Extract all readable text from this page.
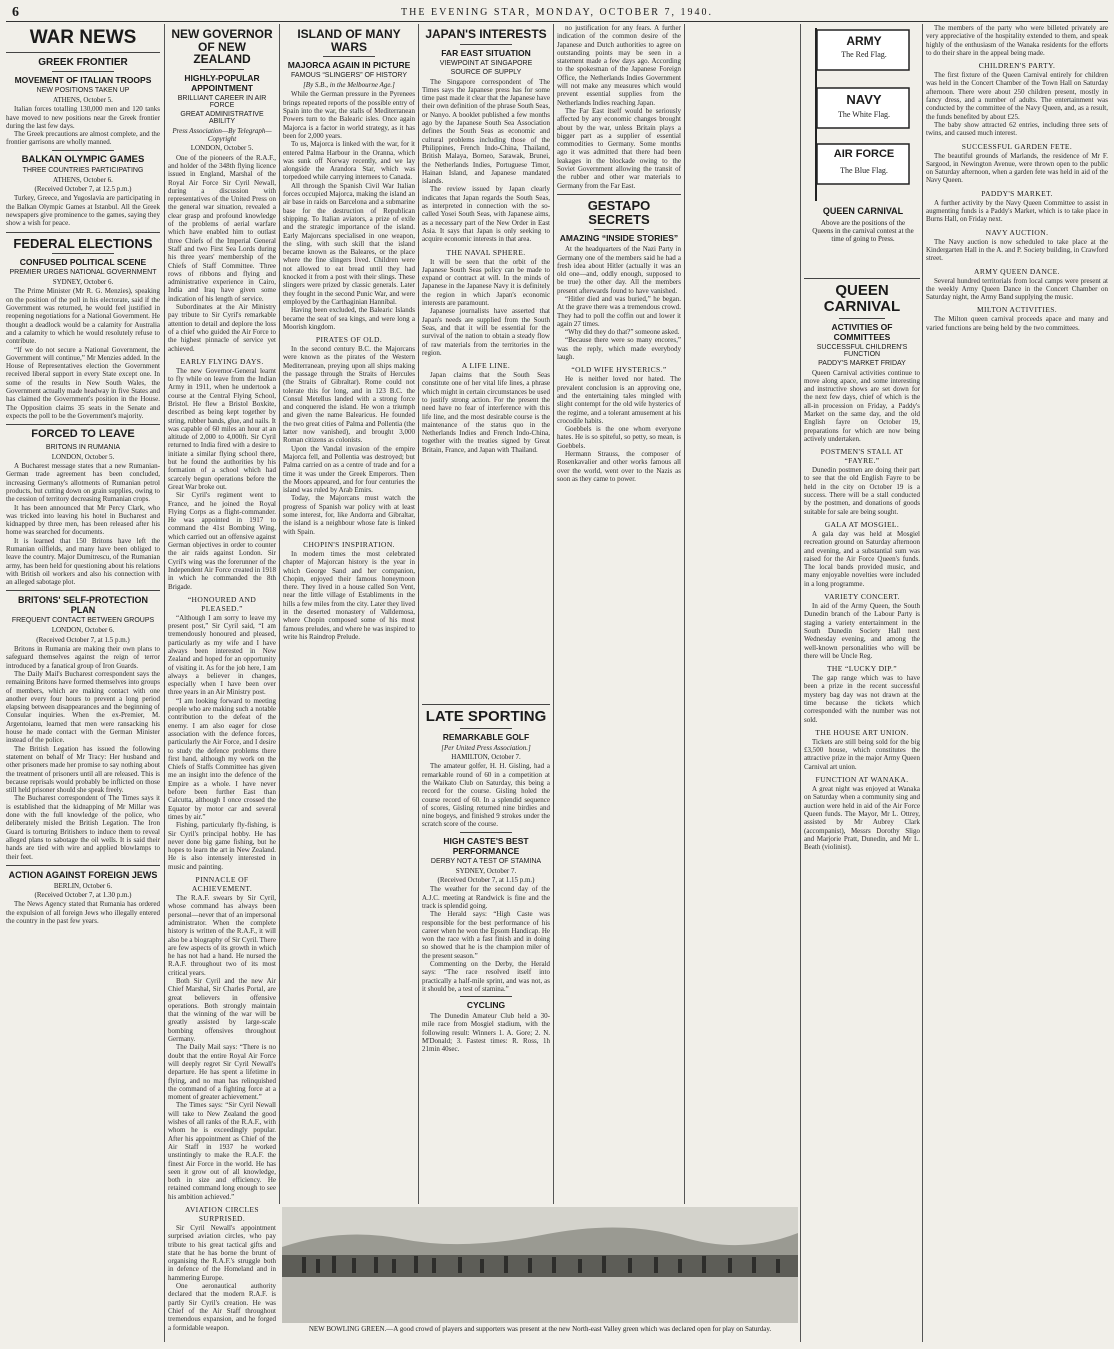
6	THE EVENING STAR, MONDAY, OCTOBER 7, 1940.
WAR NEWS
GREEK FRONTIER
MOVEMENT OF ITALIAN TROOPS
NEW POSITIONS TAKEN UP
ATHENS, October 5.

Italian forces totalling 130,000 men and 120 tanks have moved to new positions near the Greek frontier during the last few days.

The Greek precautions are almost complete, and the frontier garrisons are wholly manned.

BALKAN OLYMPIC GAMES
THREE COUNTRIES PARTICIPATING
ATHENS, October 6.
(Received October 7, at 12.5 p.m.)

Turkey, Greece, and Yugoslavia are participating in the Balkan Olympic Games at Istanbul. All the Greek newspapers give prominence to the games, saying they show a wish for peace.

FEDERAL ELECTIONS
CONFUSED POLITICAL SCENE
PREMIER URGES NATIONAL GOVERNMENT
SYDNEY, October 6.

The Prime Minister (Mr R. G. Menzies), speaking on the position of the poll in his electorate, said if the Government was returned, he would feel justified in reopening negotiations for a National Government. He thought a deadlock would be a calamity for Australia and a calamity to which he would resolutely refuse to contribute.

“If we do not secure a National Government, the Government will continue,” Mr Menzies added. In the House of Representatives election the Government received liberal support in every State except one. In some of the results in New South Wales, the Government actually made headway in five States and has claimed the Government's position in the House. The Opposition claims 35 seats in the Senate and expects the poll to be the Government's majority.

FORCED TO LEAVE
BRITONS IN RUMANIA
LONDON, October 5.

A Bucharest message states that a new Rumanian-German trade agreement has been concluded, increasing Germany's allotments of Rumanian petrol products, but cutting down on grain supplies, owing to the cession of territory decreasing Rumanian crops.

It has been announced that Mr Percy Clark, who was tricked into leaving his hotel in Bucharest and kidnapped by three men, has been released after his home was searched for documents.

It is learned that 150 Britons have left the Rumanian oilfields, and many have been obliged to leave the country. Major Dumitrescu, of the Rumanian army, has been held for questioning about his relations with British oil workers and also his connection with an alleged sabotage plot.

BRITONS' SELF-PROTECTION PLAN
FREQUENT CONTACT BETWEEN GROUPS
LONDON, October 6.
(Received October 7, at 1.5 p.m.)

Britons in Rumania are making their own plans to safeguard themselves against the reign of terror introduced by a fanatical group of Iron Guards.

The Daily Mail's Bucharest correspondent says the remaining Britons have formed themselves into groups of members, which are making contact with one another every four hours to prevent a long period elapsing between disappearances and the beginning of Consular inquiries. When the ex-Premier, M. Argentoianu, learned that men were ransacking his house he made contact with the German Minister instead of the police.

The British Legation has issued the following statement on behalf of Mr Tracy: Her husband and other prisoners made her promise to say nothing about the treatment of prisoners until all are released. This is because reprisals would probably be inflicted on those still held prisoner should she speak freely.

The Bucharest correspondent of The Times says it is established that the kidnapping of Mr Millar was done with the full knowledge of the police, who deliberately misled the British Legation. The Iron Guard is torturing Britishers to induce them to reveal alleged plans to sabotage the oil wells. It is said their hands are tied with wire and applied blowlamps to their feet.

ACTION AGAINST FOREIGN JEWS
BERLIN, October 6.
(Received October 7, at 1.30 p.m.)

The News Agency stated that Rumania has ordered the expulsion of all foreign Jews who illegally entered the country in the past few years.

NEW GOVERNOR OF NEW ZEALAND
HIGHLY-POPULAR APPOINTMENT
BRILLIANT CAREER IN AIR FORCE
GREAT ADMINISTRATIVE ABILITY
Press Association—By Telegraph—Copyright
LONDON, October 5.

One of the pioneers of the R.A.F., and holder of the 348th flying licence issued in England, Marshal of the Royal Air Force Sir Cyril Newall, during a discussion with representatives of the United Press on the general war situation, revealed a clear grasp and profound knowledge of the problems of aerial warfare which have enabled him to outlast three Chiefs of the Imperial General Staff and two First Sea Lords during his three years' membership of the Chiefs of Staff Committee. Three rows of ribbons and flying and administrative experience in Cairo, India and Iraq have given some indication of his length of service.

Subordinates at the Air Ministry pay tribute to Sir Cyril's remarkable attention to detail and deplore the loss of a chief who guided the Air Force to the highest pinnacle of service yet achieved.

EARLY FLYING DAYS.

The new Governor-General learnt to fly while on leave from the Indian Army in 1911, when he undertook a course at the Central Flying School, Bristol. He flew a Bristol Boxkite, described as being kept together by string, rubber bands, glue, and nails. It was capable of 60 miles an hour at an altitude of 2,000 to 4,000ft. Sir Cyril returned to India fired with a desire to initiate a similar flying school there, but he found the authorities by his formation of a school which had scarcely begun operations before the Great War broke out.

Sir Cyril's regiment went to France, and he joined the Royal Flying Corps as a flight-commander. He was appointed in 1917 to command the 41st Bombing Wing, which carried out an offensive against German objectives in order to counter the air raids against London. Sir Cyril's wing was the forerunner of the Independent Air Force created in 1918 in which he commanded the 8th Brigade.

“HONOURED AND PLEASED.”

“Although I am sorry to leave my present post,” Sir Cyril said, “I am tremendously honoured and pleased, particularly as my wife and I have always been interested in New Zealand and hoped for an opportunity of visiting it. As for the job here, I am always a believer in changes, especially when I have been over three years in an Air Ministry post.

“I am looking forward to meeting people who are making such a notable contribution to the defeat of the enemy. I am also eager for close association with the defence forces, particularly the Air Force, and I desire to study the defence problems there first hand, although my work on the Chiefs of Staffs Committee has given me an insight into the defence of the Empire as a whole. I have never before been further East than Calcutta, although I once crossed the Equator by motor car and several times by air.”

Fishing, particularly fly-fishing, is Sir Cyril's principal hobby. He has never done big game fishing, but he hopes to learn the art in New Zealand. He is also intensely interested in music and painting.

PINNACLE OF ACHIEVEMENT.

The R.A.F. swears by Sir Cyril, whose command has always been personal—never that of an impersonal administrator. When the complete history is written of the R.A.F., it will also be a biography of Sir Cyril. There are few aspects of its growth in which he has not had a hand. He nursed the R.A.F. throughout two of its most critical years.

Both Sir Cyril and the new Air Chief Marshal, Sir Charles Portal, are great believers in offensive operations. Both strongly maintain that the winning of the war will be greatly assisted by large-scale bombing offensives throughout Germany.

The Daily Mail says: “There is no doubt that the entire Royal Air Force will deeply regret Sir Cyril Newall's departure. He has spent a lifetime in flying, and no man has relinquished the command of a fighting force at a moment of greater achievement.”

The Times says: “Sir Cyril Newall will take to New Zealand the good wishes of all ranks of the R.A.F., with whom he is exceedingly popular. After his appointment as Chief of the Air Staff in 1937 he worked unstintingly to make the R.A.F. the finest Air Force in the world. He has seen it grow out of all knowledge, both in size and efficiency. He retained command long enough to see his ambition achieved.”

AVIATION CIRCLES SURPRISED.

Sir Cyril Newall's appointment surprised aviation circles, who pay tribute to his great tactical gifts and state that he has borne the brunt of organising the R.A.F.'s struggle both in defence of the Homeland and in hammering Europe.

One aeronautical authority declared that the modern R.A.F. is partly Sir Cyril's creation. He was Chief of the Air Staff throughout tremendous expansion, and he forged a formidable weapon.

ISLAND OF MANY WARS
MAJORCA AGAIN IN PICTURE
FAMOUS “SLINGERS” OF HISTORY
[By S.B., in the Melbourne Age.]

While the German pressure in the Pyrenees brings repeated reports of the possible entry of Spain into the war, the stalls of Mediterranean Powers turn to the Balearic isles. Once again Majorca is a factor in world strategy, as it has been for 2,000 years.

To us, Majorca is linked with the war, for it entered Palma Harbour in the Oranna, which was sunk off Norway recently, and we lay alongside the Arandora Star, which was torpedoed while carrying internees to Canada.

All through the Spanish Civil War Italian forces occupied Majorca, making the island an air base in raids on Barcelona and a submarine base for the destruction of Republican shipping. To Italian aviators, a prize of exile and the strategic importance of the island. Early Majorcans specialised in one weapon, the sling, with such skill that the island became known as the Baleares, or the place where the fine slingers lived. Children were not allowed to eat bread until they had knocked it from a post with their slings. These slingers were prized by classic generals. Later they fought in the second Punic War, and were employed by the Carthaginian Hannibal.

Having been excluded, the Balearic Islands became the seat of sea kings, and were long a Moorish kingdom.

PIRATES OF OLD.

In the second century B.C. the Majorcans were known as the pirates of the Western Mediterranean, preying upon all ships making the passage through the Straits of Hercules (the Straits of Gibraltar). Rome could not tolerate this for long, and in 123 B.C. the Consul Metellus landed with a strong force and conquered the island. He won a triumph and given the name Balearicus. He founded the two great cities of Palma and Pollentia (the latter now vanished), and brought 3,000 Roman citizens as colonists.

Upon the Vandal invasion of the empire Majorca fell, and Pollentia was destroyed; but Palma carried on as a centre of trade and for a time it was under the Greek Emperors. Then the Moors appeared, and for four centuries the island was ruled by Arab Emirs.

Today, the Majorcans must watch the progress of Spanish war policy with at least some interest, for, like Andorra and Gibraltar, the island is a neighbour whose fate is linked with Spain.

CHOPIN'S INSPIRATION.

In modern times the most celebrated chapter of Majorcan history is the year in which George Sand and her companion, Chopin, enjoyed their famous honeymoon there. They lived in a house called Son Vent, near the little village of Establiments in the hills a few miles from the city. Later they lived in the deserted monastery of Valldemosa, where Chopin composed some of his most famous preludes, and where he was inspired to write his Raindrop Prelude.

LATE SPORTING
REMARKABLE GOLF
[Per United Press Association.]
HAMILTON, October 7.

The amateur golfer, H. H. Gisling, had a remarkable round of 60 in a competition at the Waikato Club on Saturday, this being a record for the course. Gisling holed the course record of 60. In a splendid sequence of scores, Gisling returned nine birdies and nine bogeys, and finished 9 strokes under the scratch score of the course.

HIGH CASTE'S BEST PERFORMANCE
DERBY NOT A TEST OF STAMINA
SYDNEY, October 7.
(Received October 7, at 1.15 p.m.)

The weather for the second day of the A.J.C. meeting at Randwick is fine and the track is splendid going.

The Herald says: “High Caste was responsible for the best performance of his career when he won the Epsom Handicap. He won the race with a fast finish and in doing so showed that he is the champion miler of the present season.”

Commenting on the Derby, the Herald says: “The race resolved itself into practically a half-mile sprint, and was not, as it should be, a test of stamina.”

CYCLING

The Dunedin Amateur Club held a 30-mile race from Mosgiel stadium, with the following result: Winners 1. A. Gore; 2. N. M'Donald; 3. Fastest times: R. Ross, 1h 21min 40sec.

JAPAN'S INTERESTS
FAR EAST SITUATION
VIEWPOINT AT SINGAPORE
SOURCE OF SUPPLY

The Singapore correspondent of The Times says the Japanese press has for some time past made it clear that the Japanese have their own definition of the phrase South Seas, or Nanyo. A booklet published a few months ago by the Japanese South Sea Association defines the South Seas as economic and cultural problems including those of the Philippines, French Indo-China, Thailand, British Malaya, Borneo, Sarawak, Brunei, the Netherlands Indies, Portuguese Timor, Hainan Island, and Japanese mandated islands.

The review issued by Japan clearly indicates that Japan regards the South Seas, as interpreted in connection with the so-called Yosei South Seas, with Japanese aims, as a necessary part of the New Order in East Asia. It says that Japan is only seeking to acquire economic interests in that area.

THE NAVAL SPHERE.

It will be seen that the orbit of the Japanese South Seas policy can be made to expand or contract at will. In the minds of Japanese in the Japanese Navy it is definitely the region in which Japan's economic interests are paramount.

Japanese journalists have asserted that Japan's needs are supplied from the South Seas, and that it will be essential for the survival of the nation to obtain a steady flow of raw materials from the territories in the region.

A LIFE LINE.

Japan claims that the South Seas constitute one of her vital life lines, a phrase which might in certain circumstances be used to justify strong action. For the present the need have no fear of interference with this life line, and the most desirable course is the maintenance of the status quo in the Netherlands Indies and French Indo-China, together with the treaties signed by Great Britain, France, and Japan with Thailand.

no justification for any fears. A further indication of the common desire of the Japanese and Dutch authorities to agree on outstanding points may be seen in a statement made a few days ago. According to the spokesman of the Japanese Foreign Office, the Netherlands Indies Government will not make any measures which would prevent essential supplies from the Netherlands Indies reaching Japan.

The Far East itself would be seriously affected by any economic changes brought about by the war, unless Britain plays a bigger part as a supplier of essential commodities to Germany. Some months ago it was admitted that there had been leakages in the blockade owing to the Soviet Government allowing the transit of the rubber and other war materials to Germany from the Far East.

GESTAPO SECRETS
AMAZING “INSIDE STORIES”

At the headquarters of the Nazi Party in Germany one of the members said he had a fresh idea about Hitler (actually it was an old one—and, oddly enough, supposed to be true) the other day. All the members present afterwards found to have vanished.

“Hitler died and was buried,” he began. At the grave there was a tremendous crowd. They had to poll the coffin out and lower it again 27 times.

“Why did they do that?” someone asked.

“Because there were so many encores,” was the reply, which made everybody laugh.

“OLD WIFE HYSTERICS.”

He is neither loved nor hated. The prevalent conclusion is an approving one, and the entertaining tales mingled with slight contempt for the old wife hysterics of the regime, and a tolerant amusement at his crocodile habits.

Goebbels is the one whom everyone hates. He is so spiteful, so petty, so mean, is Goebbels.

Hermann Strauss, the composer of Rosenkavalier and other works famous all over the world, went over to the Nazis as soon as they came to power.

QUEEN CARNIVAL
ACTIVITIES OF COMMITTEES
SUCCESSFUL CHILDREN'S FUNCTION
PADDY'S MARKET FRIDAY

Queen Carnival activities continue to move along apace, and some interesting and instructive shows are set down for the next few days, chief of which is the all-in procession on Friday, a Paddy's Market on the same day, and the old English fayre on October 19, preparations for which are now being actively undertaken.

POSTMEN'S STALL AT “FAYRE.”

Dunedin postmen are doing their part to see that the old English Fayre to be held in the city on October 19 is a success. There will be a stall conducted by the postmen, and donations of goods suitable for sale are being sought.

GALA AT MOSGIEL.

A gala day was held at Mosgiel recreation ground on Saturday afternoon and evening, and a substantial sum was raised for the Air Force Queen's funds. The local bands provided music, and many enjoyable novelties were included in a long programme.

VARIETY CONCERT.

In aid of the Army Queen, the South Dunedin branch of the Labour Party is staging a variety entertainment in the South Dunedin Society Hall next Wednesday evening, and among the well-known personalities who will be there will be Uncle Reg.

THE “LUCKY DIP.”

The gap range which was to have been a prize in the recent successful mystery bag day was not drawn at the time because the tickets which corresponded with the number was not sold.

THE HOUSE ART UNION.

Tickets are still being sold for the big £3,500 house, which constitutes the attractive prize in the major Army Queen Carnival art union.

FUNCTION AT WANAKA.

A great night was enjoyed at Wanaka on Saturday when a community sing and auction were held in aid of the Air Force Queen funds. The Mayor, Mr L. Ottrey, assisted by Mr Aubrey Clark (accompanist), Messrs Dorothy Sligo and Marjorie Pratt, Dunedin, and Mr L. Beath (violinist).

ARMY
The Red Flag.
NAVY
The White Flag.
AIR FORCE
The Blue Flag.
QUEEN CARNIVAL
Above are the positions of the Queens in the carnival contest at the time of going to Press.

The members of the party who were billeted privately are very appreciative of the hospitality extended to them, and speak highly of the enthusiasm of the Wanaka residents for the efforts to do their share in the appeal being made.

CHILDREN'S PARTY.

The first fixture of the Queen Carnival entirely for children was held in the Concert Chamber of the Town Hall on Saturday afternoon. There were about 250 children present, mostly in fancy dress, and a number of adults. The entertainment was conducted by the committee of the Navy Queen, and, as a result, the funds benefited by about £25.

The baby show attracted 62 entries, including three sets of twins, and caused much interest.

SUCCESSFUL GARDEN FETE.

The beautiful grounds of Marlands, the residence of Mr F. Sargood, in Newington Avenue, were thrown open to the public on Saturday afternoon, when a garden fete was held in aid of the Navy Queen.

PADDY'S MARKET.

A further activity by the Navy Queen Committee to assist in augmenting funds is a Paddy's Market, which is to take place in Burns Hall, on Friday next.

NAVY AUCTION.

The Navy auction is now scheduled to take place at the Kindergarten Hall in the A. and P. Society building, in Crawford street.

ARMY QUEEN DANCE.

Several hundred territorials from local camps were present at the weekly Army Queen Dance in the Concert Chamber on Saturday night, the Army Band supplying the music.

MILTON ACTIVITIES.

The Milton queen carnival proceeds apace and many and varied functions are being held by the two committees.

NEW BOWLING GREEN.—A good crowd of players and supporters was present at the new North-east Valley green which was declared open for play on Saturday.
